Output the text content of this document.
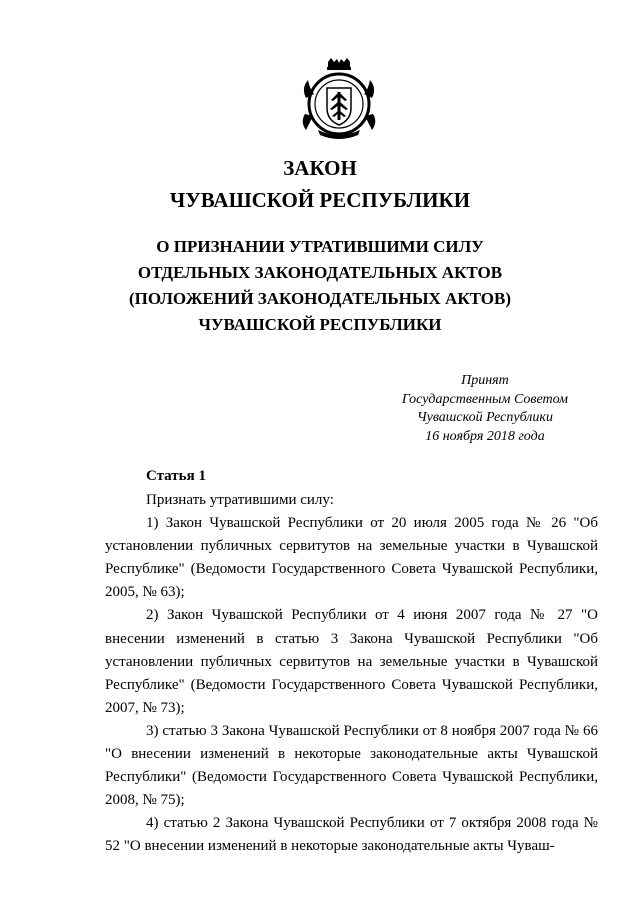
ЗАКОН
ЧУВАШСКОЙ РЕСПУБЛИКИ
О ПРИЗНАНИИ УТРАТИВШИМИ СИЛУ
ОТДЕЛЬНЫХ ЗАКОНОДАТЕЛЬНЫХ АКТОВ
(ПОЛОЖЕНИЙ ЗАКОНОДАТЕЛЬНЫХ АКТОВ)
ЧУВАШСКОЙ РЕСПУБЛИКИ
Принят
Государственным Советом
Чувашской Республики
16 ноября 2018 года
Статья 1

Признать утратившими силу:

1) Закон Чувашской Республики от 20 июля 2005 года № 26 "Об установлении публичных сервитутов на земельные участки в Чувашской Республике" (Ведомости Государственного Совета Чувашской Республики, 2005, № 63);

2) Закон Чувашской Республики от 4 июня 2007 года № 27 "О внесении изменений в статью 3 Закона Чувашской Республики "Об установлении публичных сервитутов на земельные участки в Чувашской Республике" (Ведомости Государственного Совета Чувашской Республики, 2007, № 73);

3) статью 3 Закона Чувашской Республики от 8 ноября 2007 года № 66 "О внесении изменений в некоторые законодательные акты Чувашской Республики" (Ведомости Государственного Совета Чувашской Республики, 2008, № 75);

4) статью 2 Закона Чувашской Республики от 7 октября 2008 года № 52 "О внесении изменений в некоторые законодательные акты Чуваш-
